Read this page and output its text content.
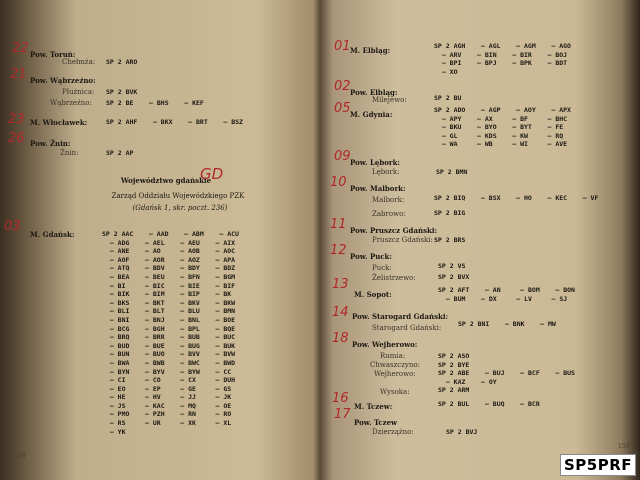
22 Pow. Toruń:
Chełmża: SP 2 ARO
21 Pow. Wąbrzeźno:
Płużnica: SP 2 BVK
Wąbrzeźno: SP 2 BE    — BHS    — KEF
23 M. Włocławek:	SP 2 AHF    — BKX    — BRT    — BSZ
26 Pow. Żnin:
Żnin:	SP 2 AP
Województwo gdańskie
GD
Zarząd Oddziału Wojewódzkiego PZK
(Gdańsk 1, skr. poczt. 236)
03
M. Gdańsk:	SP 2 AAC    — AAD    — ABM    — ACU
— ADG    — AEL    — AEU    — AIX
— ANE    — AO     — AOB    — AOC
— AOF    — AOR    — AOZ    — APA
— ATQ    — BDV    — BDY    — BDZ
— BEA    — BEU    — BFN    — BGM
— BI     — BIC    — BIE    — BIF
— BIK    — BIM    — BIP    — BK
— BKS    — BKT    — BKV    — BKW
— BLI    — BLT    — BLU    — BMN
— BNI    — BNJ    — BNL    — BOE
— BCG    — BGH    — BPL    — BQE
— BRQ    — BRR    — BUB    — BUC
— BUD    — BUE    — BUG    — BUK
— BUN    — BUO    — BVV    — BVW
— BWA    — BWB    — BWC    — BWD
— BYN    — BYV    — BYW    — CC
— CI     — CO     — CX     — DUH
— EO     — EP     — GE     — GS
— HE     — HV     — JJ     — JK
— JS     — KAC    — MQ     — OE
— PMO    — PZH    — RN     — RO
— RS     — UR     — XK     — XL
— YK
158
01 M. Elbląg:	SP 2 AGH    — AGL    — AGM    — AGO
— ARV    — BIN    — BIR    — BOJ
— BPI    — BPJ    — BPK    — BDT
— XO
02 Pow. Elbląg:
Milejewo:	SP 2 BU
05 M. Gdynia:	SP 2 ADO    — AGP    — AOY    — APX
— APY    — AX     — BF     — BHC
— BKU    — BYO    — BYT    — FE
— GL     — KDS    — KW     — RQ
— WA     — WB     — WI     — AVE
09 Pow. Lębork:
Lębork:	SP 2 BMN
10 Pow. Malbork:
Malbork:	SP 2 BIQ    — BSX    — HO    — KEC    — VF
Zabrowo:	SP 2 BIG
11 Pow. Pruszcz Gdański:
Pruszcz Gdański: SP 2 BRS
12 Pow. Puck:
Puck:	SP 2 VS
Żelistrzewo:	SP 2 BVX
13
M. Sopot:	SP 2 AFT    — AN     — BOM    — BON
— BUM    — DX     — LV     — SJ
14 Pow. Starogard Gdański:
Starogard Gdański:	SP 2 BNI    — BNK    — MW
18 Pow. Wejherowo:
Rumia:	SP 2 ASO
Chwaszczyno:	SP 2 BYE
Wejherowo:	SP 2 ABE    — BUJ    — BCF    — BUS
— KAZ    — OY
Wysoka:	SP 2 ARM
16
M. Tczew:	SP 2 BUL    — BUQ    — BCR
17
Pow. Tczew
Dzierzążno:	SP 2 BVJ
159
SP5PRF
